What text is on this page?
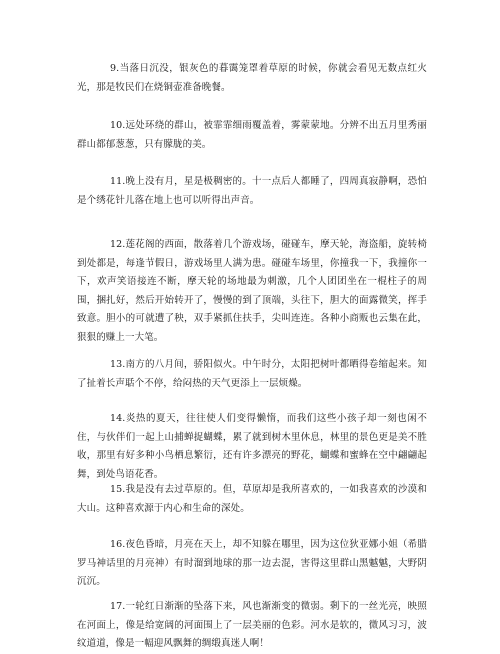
9.当落日沉没，银灰色的暮霭笼罩着草原的时候，你就会看见无数点红火光，那是牧民们在烧铜壶准备晚餐。

10.远处环绕的群山，被霏霏细雨覆盖着，雾蒙蒙地。分辨不出五月里秀丽群山都郁葱葱，只有朦胧的美。

11.晚上没有月，星是极稠密的。十一点后人都睡了，四周真寂静啊，恐怕是个绣花针儿落在地上也可以听得出声音。

12.莲花阁的西面，散落着几个游戏场，碰碰车，摩天轮，海盗船，旋转椅到处都是，每逢节假日，游戏场里人满为患。碰碰车场里，你撞我一下，我撞你一下，欢声笑语接连不断，摩天轮的场地最为刺激，几个人团团坐在一棍柱子的周围，捆扎好，然后开始转开了，慢慢的到了顶端，头往下，胆大的面露微笑，挥手致意。胆小的可就遭了秧，双手紧抓住扶手，尖叫连连。各种小商贩也云集在此，狠狠的赚上一大笔。

13.南方的八月间，骄阳似火。中午时分，太阳把树叶都晒得卷缩起来。知了扯着长声聒个不停，给闷热的天气更添上一层烦燥。

14.炎热的夏天，往往使人们变得懒惰，而我们这些小孩子却一刻也闲不住，与伙伴们一起上山捕蝉捉蝴蝶，累了就到树木里休息，林里的景色更是美不胜收，那里有好多种小鸟栖息繁衍，还有许多漂亮的野花，蝴蝶和蜜蜂在空中翩翩起舞，到处鸟语花香。

15.我是没有去过草原的。但，草原却是我所喜欢的，一如我喜欢的沙漠和大山。这种喜欢源于内心和生命的深处。

16.夜色昏暗，月亮在天上，却不知躲在哪里，因为这位狄亚娜小姐（希腊罗马神话里的月亮神）有时溜到地球的那一边去混，害得这里群山黑魆魆，大野阴沉沉。

17.一轮红日渐渐的坠落下来，风也渐渐变的微弱。剩下的一丝光亮，映照在河面上，像是给宽阔的河面围上了一层美丽的色彩。河水是软的，微风习习，波纹道道，像是一幅迎风飘舞的绸缎真迷人啊！
